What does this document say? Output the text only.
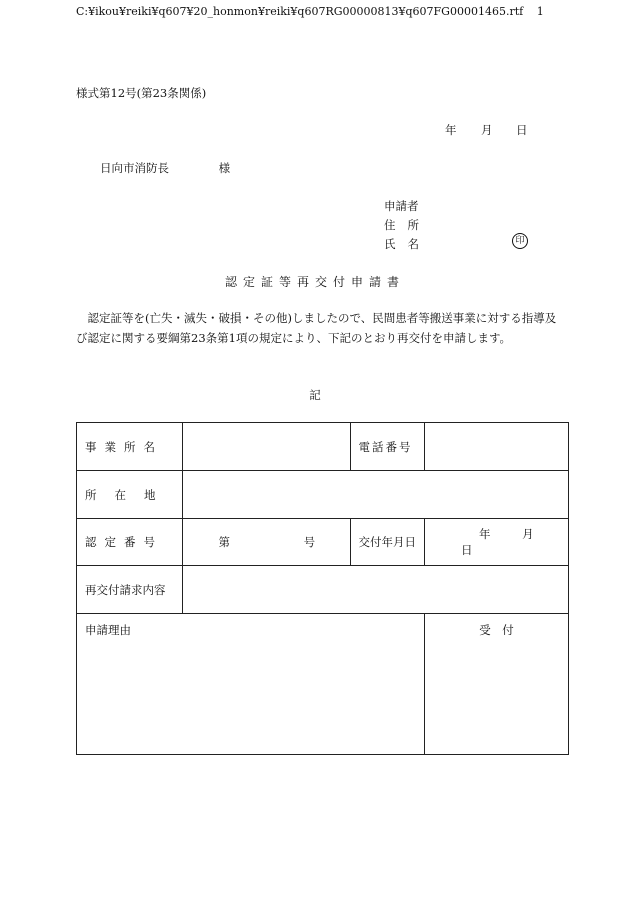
C:¥ikou¥reiki¥q607¥20_honmon¥reiki¥q607RG00000813¥q607FG00001465.rtf 1
様式第12号(第23条関係)
年 月 日
日向市消防長	様
申請者
住 所
氏 名	印
認定証等再交付申請書
認定証等を(亡失・滅失・破損・その他)しましたので、民間患者等搬送事業に対する指導及び認定に関する要綱第23条第1項の規定により、下記のとおり再交付を申請します。
記
事業所名		電話番号	
所在地			
認定番号	第 号	交付年月日	年 月 日
再交付請求内容			
申請理由			受　付
